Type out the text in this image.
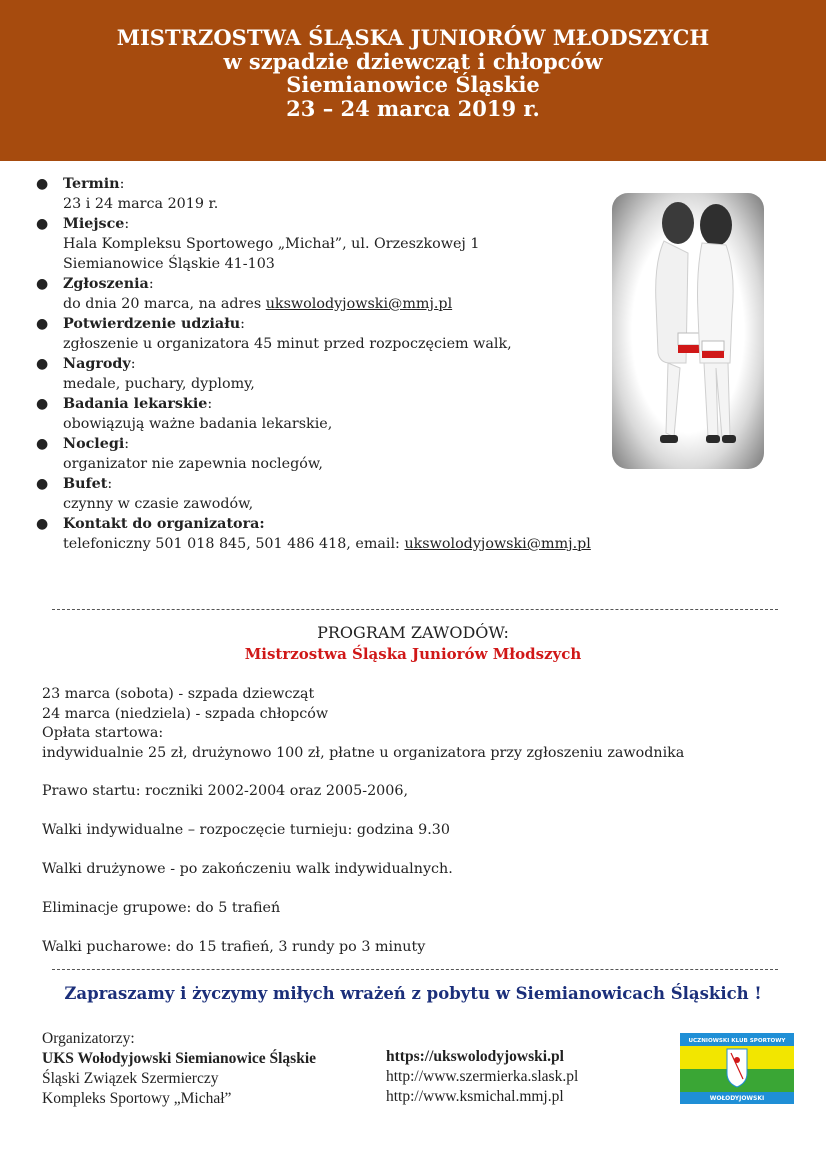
MISTRZOSTWA ŚLĄSKA JUNIORÓW MŁODSZYCH
w szpadzie dziewcząt i chłopców
Siemianowice Śląskie
23 – 24 marca 2019 r.
● Termin:
23 i 24 marca 2019 r.
● Miejsce:
Hala Kompleksu Sportowego „Michał”, ul. Orzeszkowej 1
Siemianowice Śląskie 41-103
● Zgłoszenia:
do dnia 20 marca, na adres ukswolodyjowski@mmj.pl
● Potwierdzenie udziału:
zgłoszenie u organizatora 45 minut przed rozpoczęciem walk,
● Nagrody:
medale, puchary, dyplomy,
● Badania lekarskie:
obowiązują ważne badania lekarskie,
● Noclegi:
organizator nie zapewnia noclegów,
● Bufet:
czynny w czasie zawodów,
● Kontakt do organizatora:
telefoniczny 501 018 845, 501 486 418, email: ukswolodyjowski@mmj.pl
PROGRAM ZAWODÓW:
Mistrzostwa Śląska Juniorów Młodszych
23 marca (sobota) - szpada dziewcząt
24 marca (niedziela) - szpada chłopców
Opłata startowa:
indywidualnie 25 zł, drużynowo 100 zł, płatne u organizatora przy zgłoszeniu zawodnika
Prawo startu: roczniki 2002-2004 oraz 2005-2006,
Walki indywidualne – rozpoczęcie turnieju: godzina 9.30
Walki drużynowe - po zakończeniu walk indywidualnych.
Eliminacje grupowe: do 5 trafień
Walki pucharowe: do 15 trafień, 3 rundy po 3 minuty
Zapraszamy i życzymy miłych wrażeń z pobytu w Siemianowicach Śląskich !
Organizatorzy:
UKS Wołodyjowski Siemianowice Śląskie
Śląski Związek Szermierczy
Kompleks Sportowy „Michał”
https://ukswolodyjowski.pl
http://www.szermierka.slask.pl
http://www.ksmichal.mmj.pl
UCZNIOWSKI KLUB SPORTOWY
WOŁODYJOWSKI
